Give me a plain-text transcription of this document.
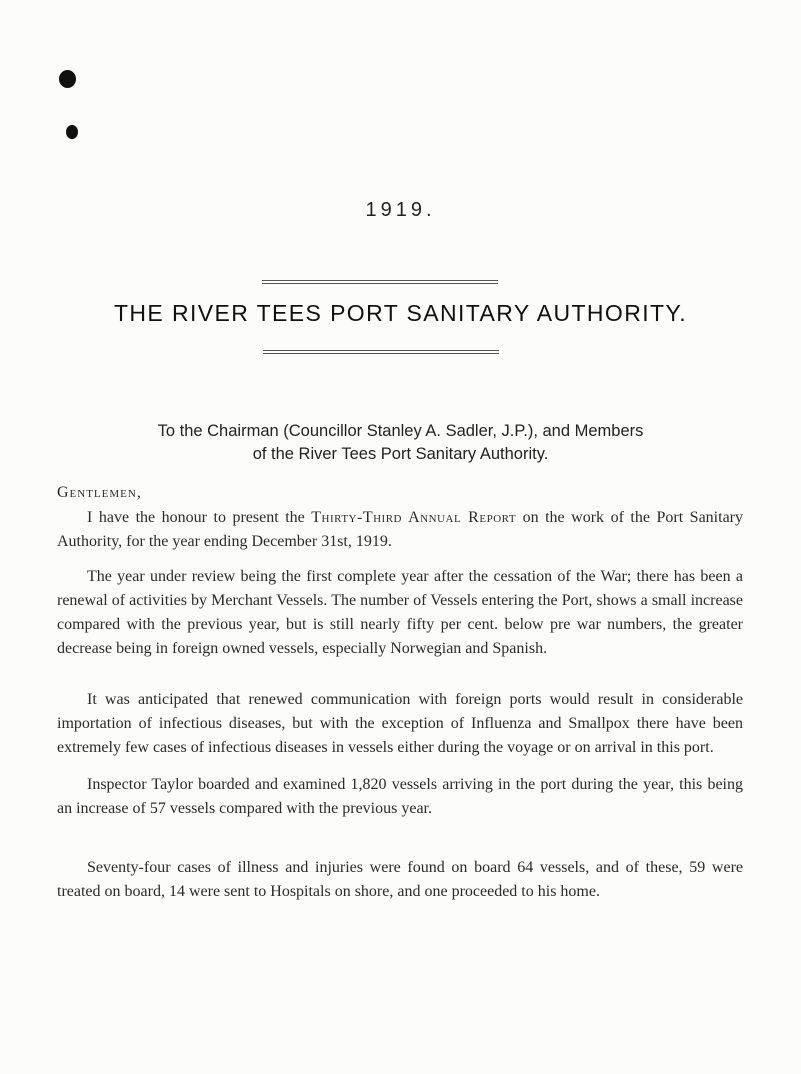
1919.
THE RIVER TEES PORT SANITARY AUTHORITY.
To the Chairman (Councillor Stanley A. Sadler, J.P.), and Members
of the River Tees Port Sanitary Authority.
Gentlemen,
I have the honour to present the Thirty-Third Annual Report on the work of the Port Sanitary Authority, for the year ending December 31st, 1919.
The year under review being the first complete year after the cessation of the War; there has been a renewal of activities by Merchant Vessels. The number of Vessels entering the Port, shows a small increase compared with the previous year, but is still nearly fifty per cent. below pre war numbers, the greater decrease being in foreign owned vessels, especially Norwegian and Spanish.
It was anticipated that renewed communication with foreign ports would result in considerable importation of infectious diseases, but with the exception of Influenza and Smallpox there have been extremely few cases of infectious diseases in vessels either during the voyage or on arrival in this port.
Inspector Taylor boarded and examined 1,820 vessels arriving in the port during the year, this being an increase of 57 vessels compared with the previous year.
Seventy-four cases of illness and injuries were found on board 64 vessels, and of these, 59 were treated on board, 14 were sent to Hospitals on shore, and one proceeded to his home.
